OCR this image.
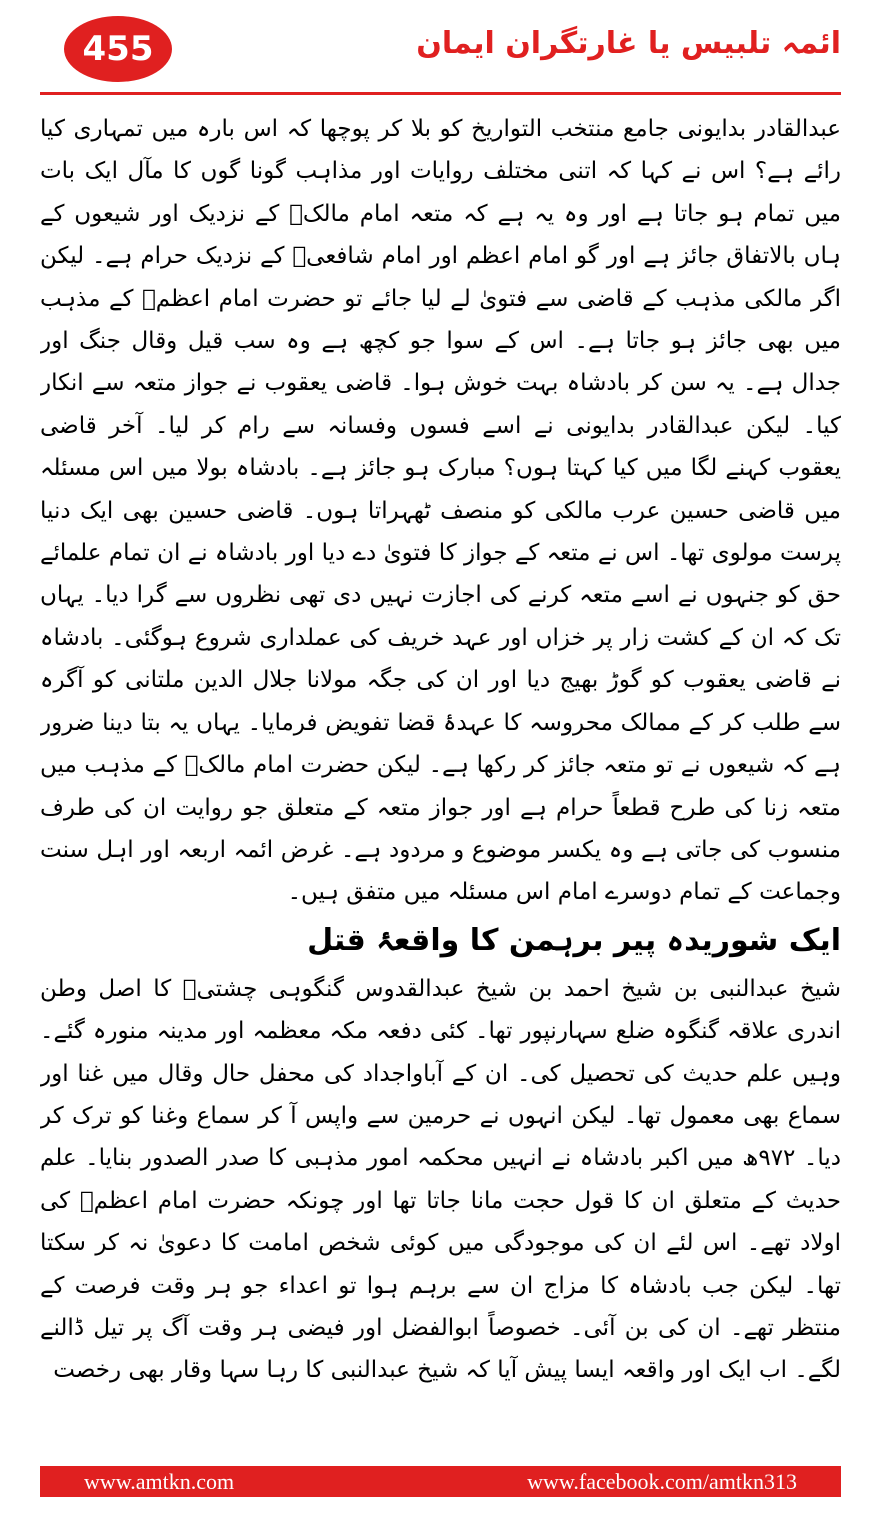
455	ائمہ تلبیس یا غارتگران ایمان

عبدالقادر بدایونی جامع منتخب التواریخ کو بلا کر پوچھا کہ اس بارہ میں تمہاری کیا رائے ہے؟ اس نے کہا کہ اتنی مختلف روایات اور مذاہب گونا گوں کا مآل ایک بات میں تمام ہو جاتا ہے اور وہ یہ ہے کہ متعہ امام مالکؒ کے نزدیک اور شیعوں کے ہاں بالاتفاق جائز ہے اور گو امام اعظم اور امام شافعیؒ کے نزدیک حرام ہے۔ لیکن اگر مالکی مذہب کے قاضی سے فتویٰ لے لیا جائے تو حضرت امام اعظمؒ کے مذہب میں بھی جائز ہو جاتا ہے۔ اس کے سوا جو کچھ ہے وہ سب قیل وقال جنگ اور جدال ہے۔ یہ سن کر بادشاہ بہت خوش ہوا۔ قاضی یعقوب نے جواز متعہ سے انکار کیا۔ لیکن عبدالقادر بدایونی نے اسے فسوں وفسانہ سے رام کر لیا۔ آخر قاضی یعقوب کہنے لگا میں کیا کہتا ہوں؟ مبارک ہو جائز ہے۔ بادشاہ بولا میں اس مسئلہ میں قاضی حسین عرب مالکی کو منصف ٹھہراتا ہوں۔ قاضی حسین بھی ایک دنیا پرست مولوی تھا۔ اس نے متعہ کے جواز کا فتویٰ دے دیا اور بادشاہ نے ان تمام علمائے حق کو جنہوں نے اسے متعہ کرنے کی اجازت نہیں دی تھی نظروں سے گرا دیا۔ یہاں تک کہ ان کے کشت زار پر خزاں اور عہد خریف کی عملداری شروع ہوگئی۔ بادشاہ نے قاضی یعقوب کو گوڑ بھیج دیا اور ان کی جگہ مولانا جلال الدین ملتانی کو آگرہ سے طلب کر کے ممالک محروسہ کا عہدۂ قضا تفویض فرمایا۔ یہاں یہ بتا دینا ضرور ہے کہ شیعوں نے تو متعہ جائز کر رکھا ہے۔ لیکن حضرت امام مالکؒ کے مذہب میں متعہ زنا کی طرح قطعاً حرام ہے اور جواز متعہ کے متعلق جو روایت ان کی طرف منسوب کی جاتی ہے وہ یکسر موضوع و مردود ہے۔ غرض ائمہ اربعہ اور اہل سنت وجماعت کے تمام دوسرے امام اس مسئلہ میں متفق ہیں۔

ایک شوریدہ پیر برہمن کا واقعۂ قتل

شیخ عبدالنبی بن شیخ احمد بن شیخ عبدالقدوس گنگوہی چشتیؒ کا اصل وطن اندری علاقہ گنگوہ ضلع سہارنپور تھا۔ کئی دفعہ مکہ معظمہ اور مدینہ منورہ گئے۔ وہیں علم حدیث کی تحصیل کی۔ ان کے آباواجداد کی محفل حال وقال میں غنا اور سماع بھی معمول تھا۔ لیکن انہوں نے حرمین سے واپس آ کر سماع وغنا کو ترک کر دیا۔ ۹۷۲ھ میں اکبر بادشاہ نے انہیں محکمہ امور مذہبی کا صدر الصدور بنایا۔ علم حدیث کے متعلق ان کا قول حجت مانا جاتا تھا اور چونکہ حضرت امام اعظمؒ کی اولاد تھے۔ اس لئے ان کی موجودگی میں کوئی شخص امامت کا دعویٰ نہ کر سکتا تھا۔ لیکن جب بادشاہ کا مزاج ان سے برہم ہوا تو اعداء جو ہر وقت فرصت کے منتظر تھے۔ ان کی بن آئی۔ خصوصاً ابوالفضل اور فیضی ہر وقت آگ پر تیل ڈالنے لگے۔ اب ایک اور واقعہ ایسا پیش آیا کہ شیخ عبدالنبی کا رہا سہا وقار بھی رخصت

www.amtkn.com	www.facebook.com/amtkn313
